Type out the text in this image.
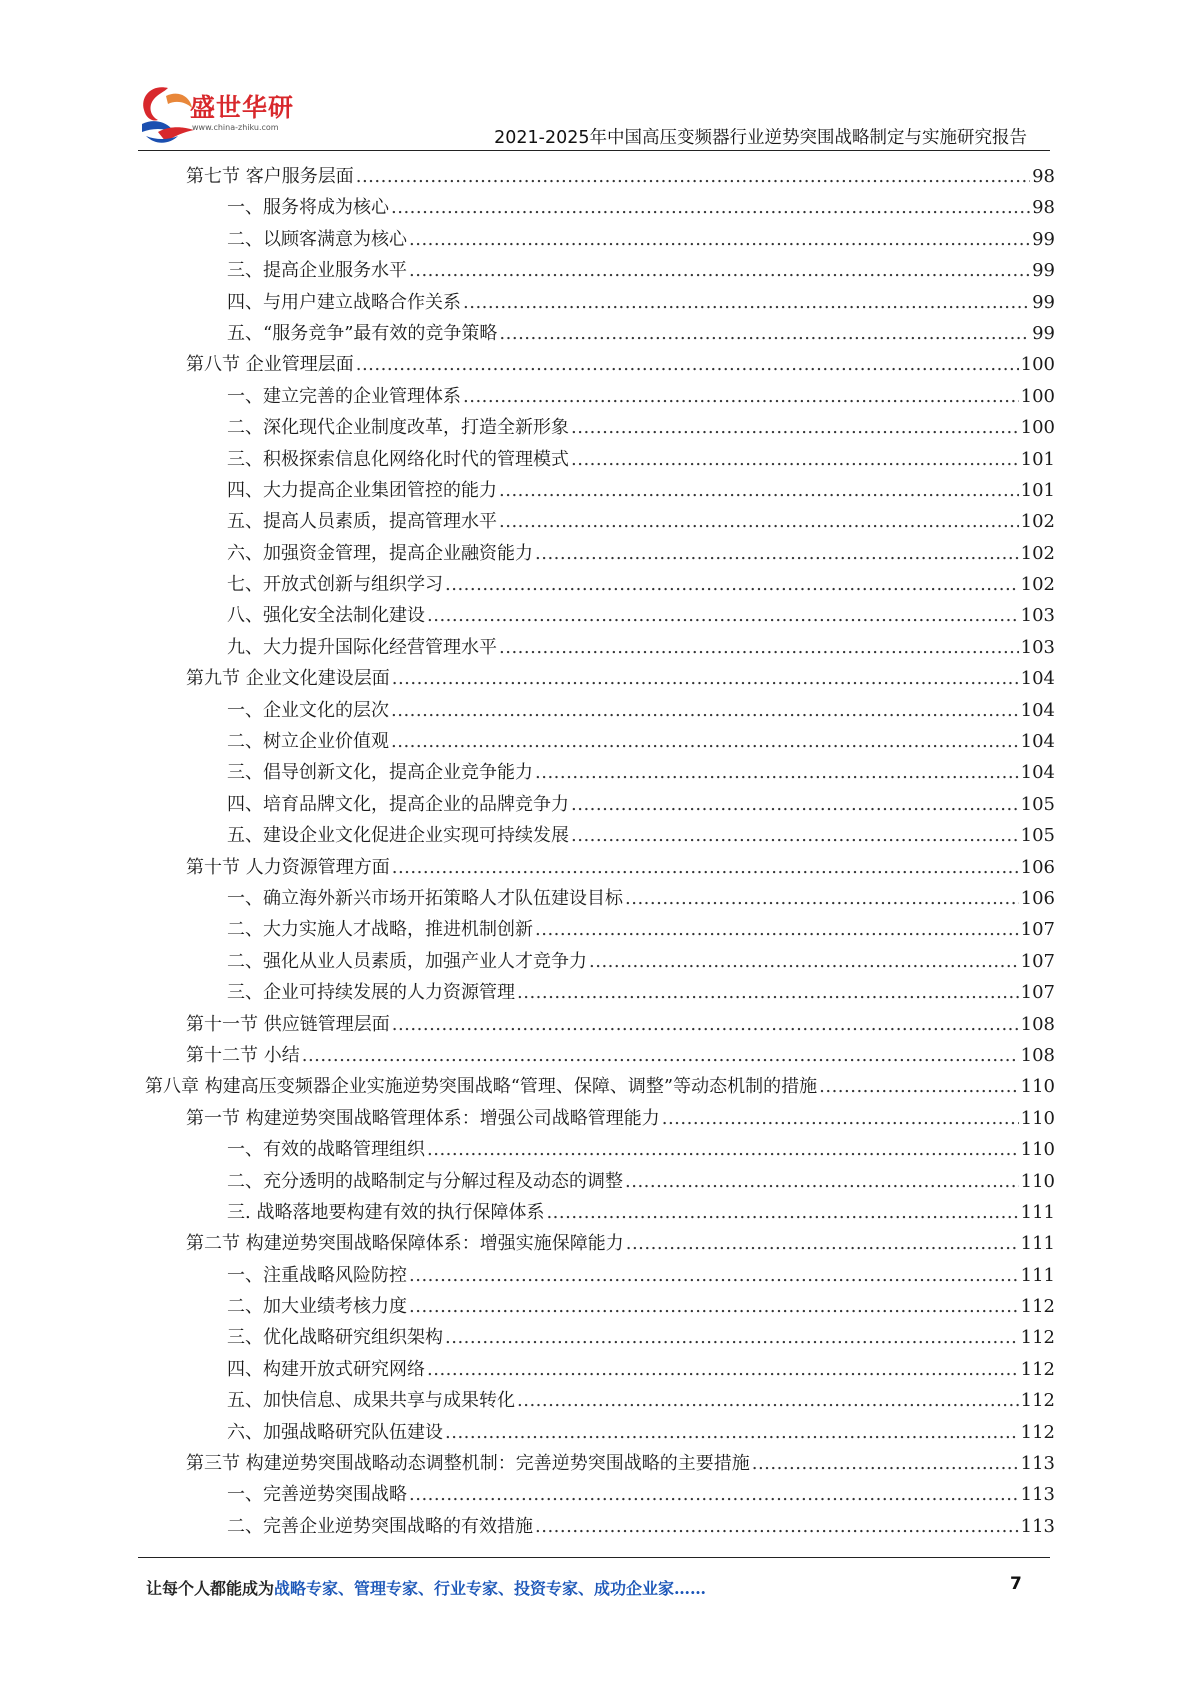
盛世华研
www.china-zhiku.com
2021-2025年中国高压变频器行业逆势突围战略制定与实施研究报告
第七节 客户服务层面 .....	98
一、服务将成为核心 .....	98
二、以顾客满意为核心 .....	99
三、提高企业服务水平 .....	99
四、与用户建立战略合作关系 .....	99
五、“服务竞争”最有效的竞争策略 .....	99
第八节 企业管理层面 .....	100
一、建立完善的企业管理体系 .....	100
二、深化现代企业制度改革，打造全新形象 .....	100
三、积极探索信息化网络化时代的管理模式 .....	101
四、大力提高企业集团管控的能力 .....	101
五、提高人员素质，提高管理水平 .....	102
六、加强资金管理，提高企业融资能力 .....	102
七、开放式创新与组织学习 .....	102
八、强化安全法制化建设 .....	103
九、大力提升国际化经营管理水平 .....	103
第九节 企业文化建设层面 .....	104
一、企业文化的层次 .....	104
二、树立企业价值观 .....	104
三、倡导创新文化，提高企业竞争能力 .....	104
四、培育品牌文化，提高企业的品牌竞争力 .....	105
五、建设企业文化促进企业实现可持续发展 .....	105
第十节 人力资源管理方面 .....	106
一、确立海外新兴市场开拓策略人才队伍建设目标 .....	106
二、大力实施人才战略，推进机制创新 .....	107
二、强化从业人员素质，加强产业人才竞争力 .....	107
三、企业可持续发展的人力资源管理 .....	107
第十一节 供应链管理层面 .....	108
第十二节 小结 .....	108
第八章 构建高压变频器企业实施逆势突围战略“管理、保障、调整”等动态机制的措施 .....	110
第一节 构建逆势突围战略管理体系：增强公司战略管理能力 .....	110
一、有效的战略管理组织 .....	110
二、充分透明的战略制定与分解过程及动态的调整 .....	110
三. 战略落地要构建有效的执行保障体系 .....	111
第二节 构建逆势突围战略保障体系：增强实施保障能力 .....	111
一、注重战略风险防控 .....	111
二、加大业绩考核力度 .....	112
三、优化战略研究组织架构 .....	112
四、构建开放式研究网络 .....	112
五、加快信息、成果共享与成果转化 .....	112
六、加强战略研究队伍建设 .....	112
第三节 构建逆势突围战略动态调整机制：完善逆势突围战略的主要措施 .....	113
一、完善逆势突围战略 .....	113
二、完善企业逆势突围战略的有效措施 .....	113
让每个人都能成为战略专家、管理专家、行业专家、投资专家、成功企业家……	7
